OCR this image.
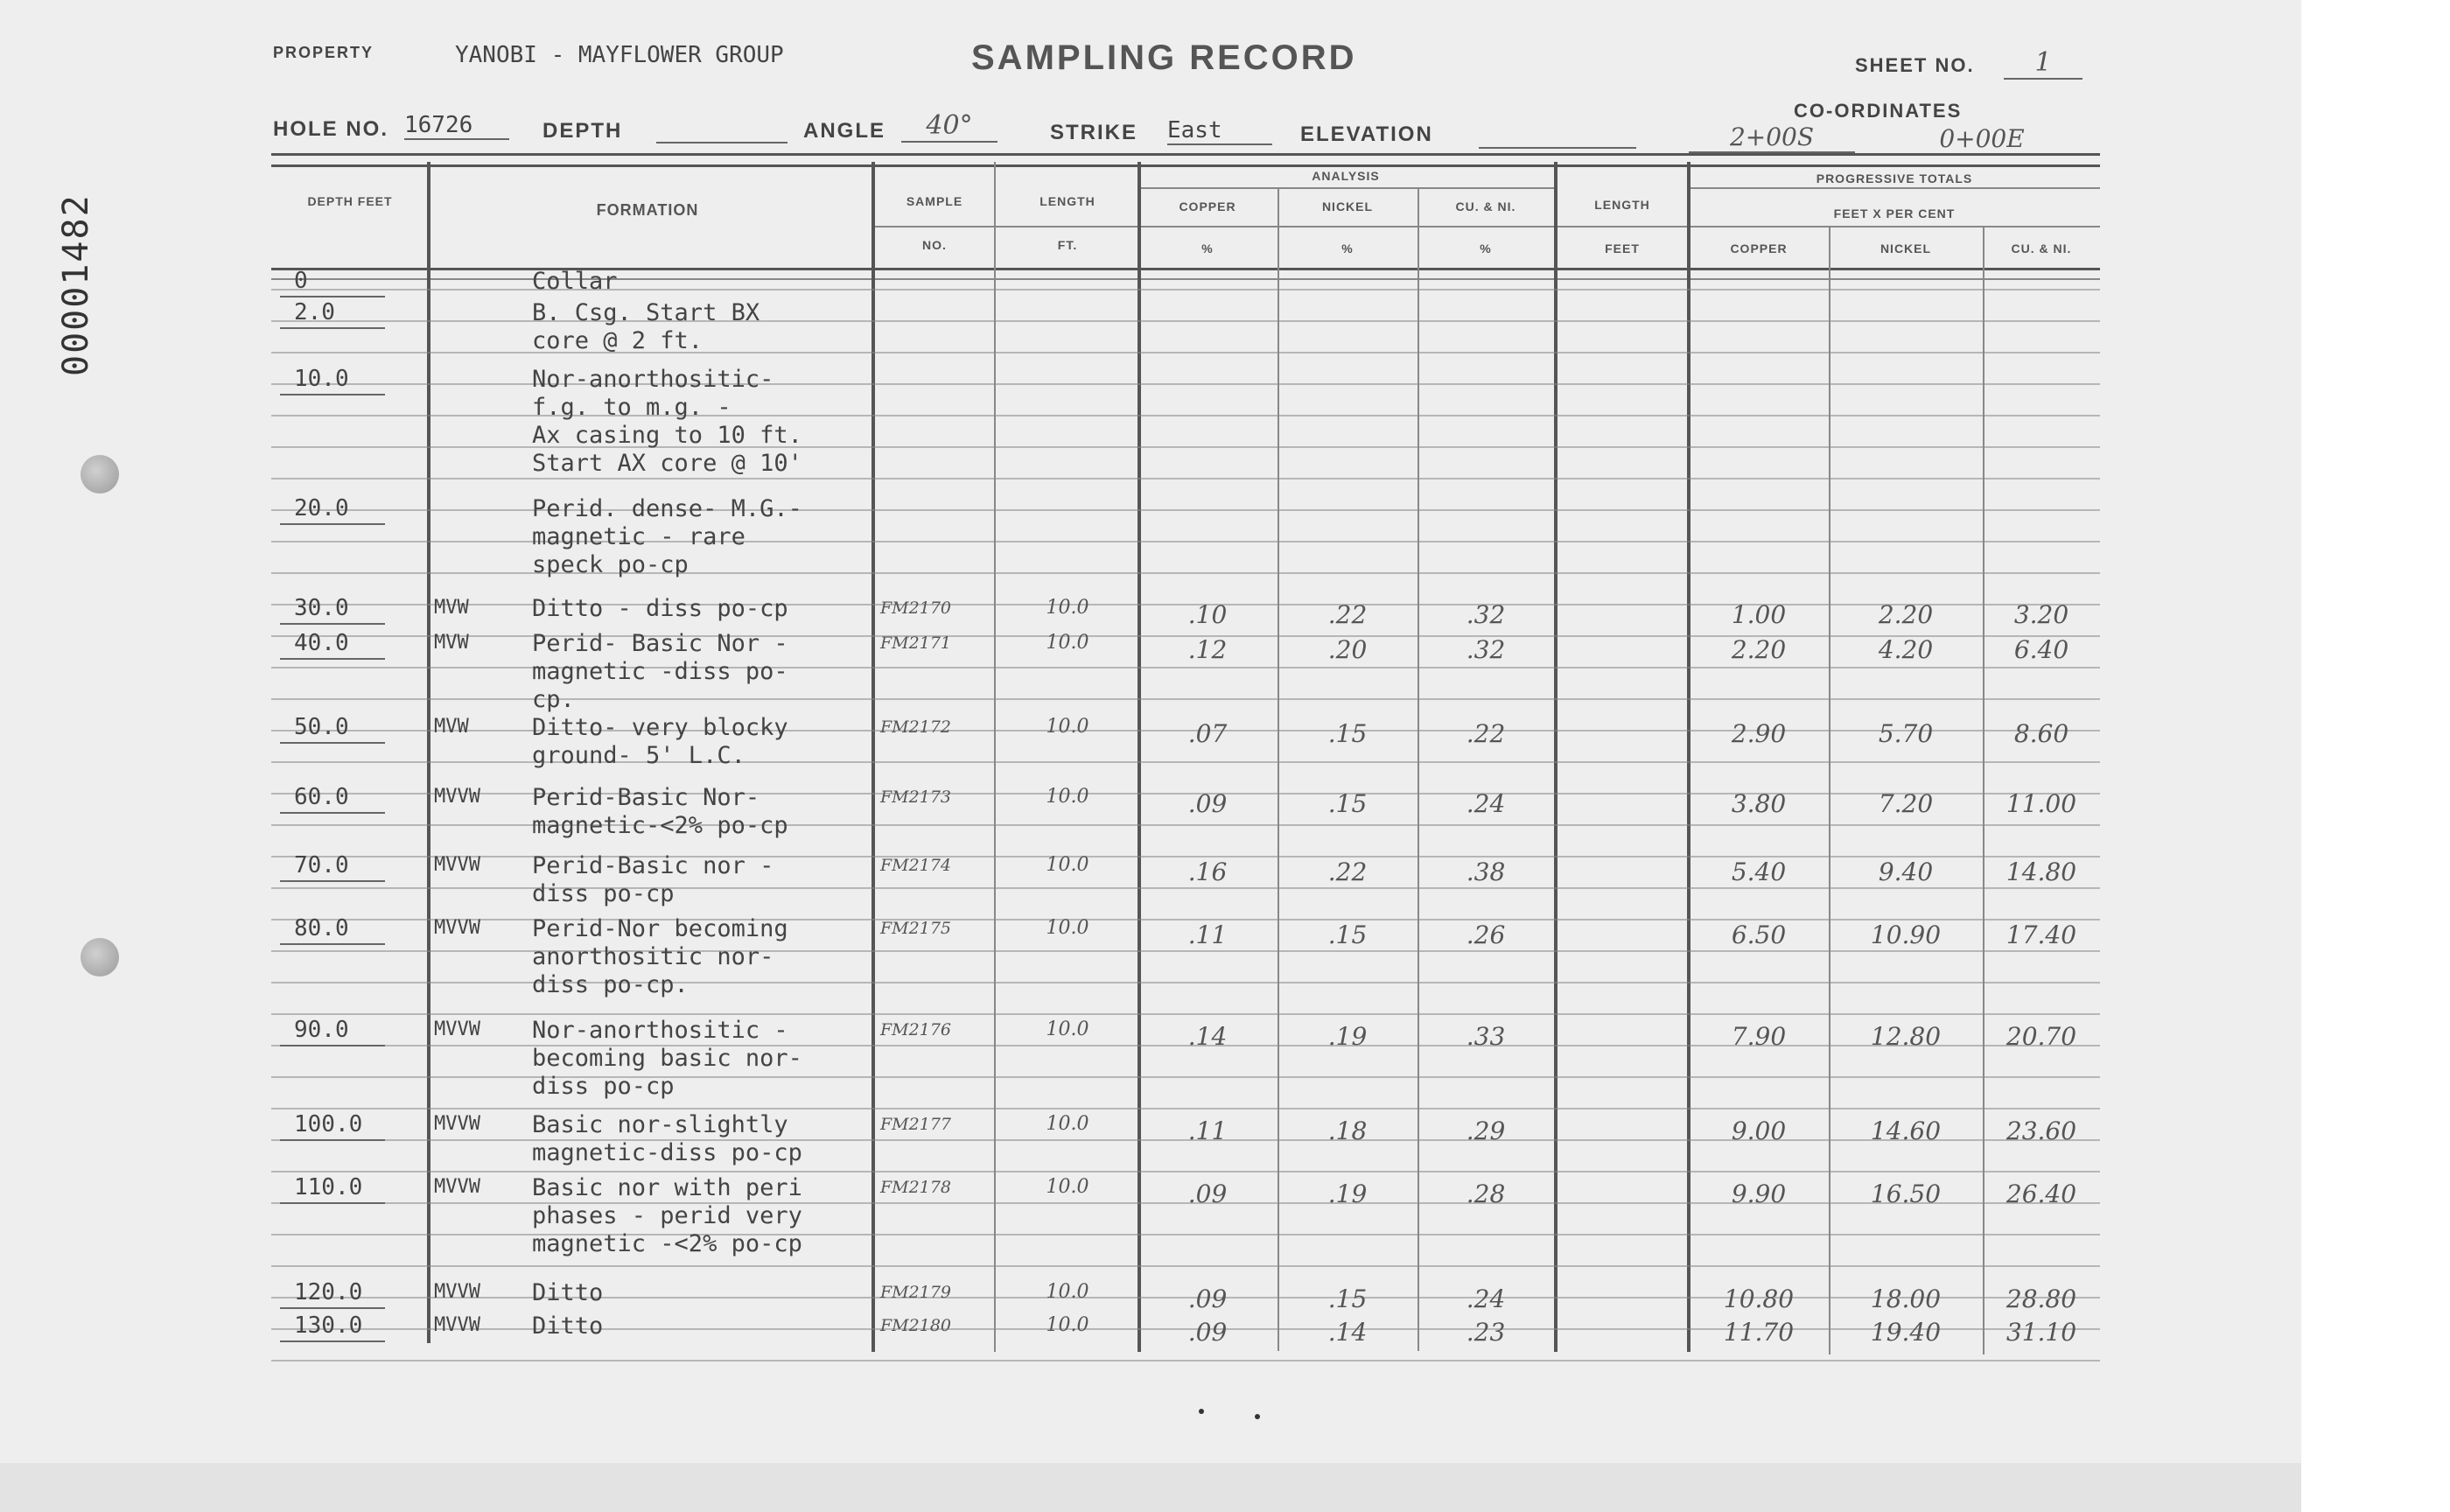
00001482
PROPERTY	YANOBI - MAYFLOWER GROUP	SAMPLING RECORD	SHEET NO.	1
HOLE NO. 16726	DEPTH	ANGLE	40°	STRIKE East	ELEVATION
CO-ORDINATES
2+00S	0+00E
DEPTH FEET	FORMATION	SAMPLE
NO.
LENGTH
FT.
ANALYSIS
COPPER	NICKEL	CU. & NI.
%	%	%
LENGTH
FEET
PROGRESSIVE TOTALS
FEET X PER CENT
COPPER	NICKEL	CU. & NI.
0	Collar
2.0	B. Csg. Start BX
core @ 2 ft.
10.0	Nor-anorthositic-
f.g. to m.g. -
Ax casing to 10 ft.
Start AX core @ 10'
20.0	Perid. dense- M.G.-
magnetic - rare
speck po-cp
30.0	MVW	Ditto - diss po-cp	FM2170	10.0	.10	.22	.32	1.00	2.20	3.20
40.0	MVW	Perid- Basic Nor -
magnetic -diss po-
cp.
FM2171	10.0	.12	.20	.32	2.20	4.20	6.40
50.0	MVW	Ditto- very blocky
ground- 5' L.C.
FM2172	10.0	.07	.15	.22	2.90	5.70	8.60
60.0	MVVW Perid-Basic Nor-
magnetic-<2% po-cp
FM2173	10.0	.09	.15	.24	3.80	7.20	11.00
70.0	MVVW Perid-Basic nor -
diss po-cp
FM2174	10.0	.16	.22	.38	5.40	9.40	14.80
80.0	MVVW Perid-Nor becoming
anorthositic nor-
diss po-cp.
FM2175	10.0	.11	.15	.26	6.50	10.90	17.40
90.0	MVVW Nor-anorthositic -
becoming basic nor-
diss po-cp
FM2176	10.0	.14	.19	.33	7.90	12.80	20.70
100.0	MVVW Basic nor-slightly
magnetic-diss po-cp
FM2177	10.0	.11	.18	.29	9.00	14.60	23.60
110.0	MVVW Basic nor with peri
phases - perid very
magnetic -<2% po-cp
FM2178	10.0	.09	.19	.28	9.90	16.50	26.40
120.0	MVVW Ditto	FM2179	10.0	.09	.15	.24	10.80	18.00	28.80
130.0	MVVW Ditto	FM2180	10.0	.09	.14	.23	11.70	19.40	31.10
